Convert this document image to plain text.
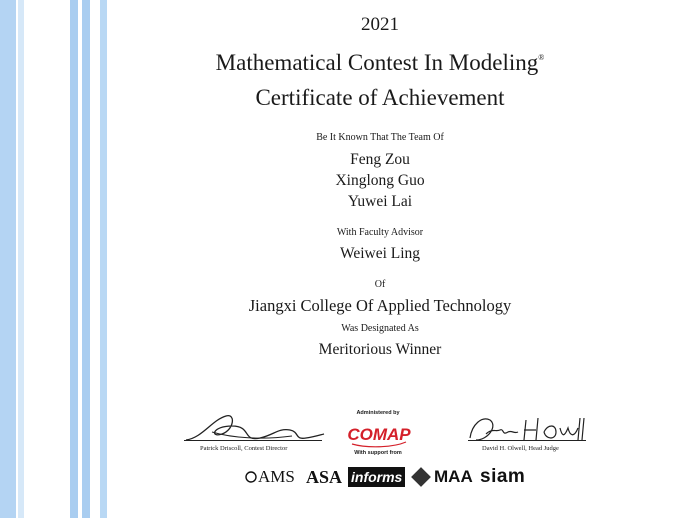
2021
Mathematical Contest In Modeling®
Certificate of Achievement
Be It Known That The Team Of
Feng Zou
Xinglong Guo
Yuwei Lai
With Faculty Advisor
Weiwei Ling
Of
Jiangxi College Of Applied Technology
Was Designated As
Meritorious Winner
Patrick Driscoll, Contest Director	David H. Olwell, Head Judge
Administered by
COMAP
With support from
AMS ASA informs MAA siam
